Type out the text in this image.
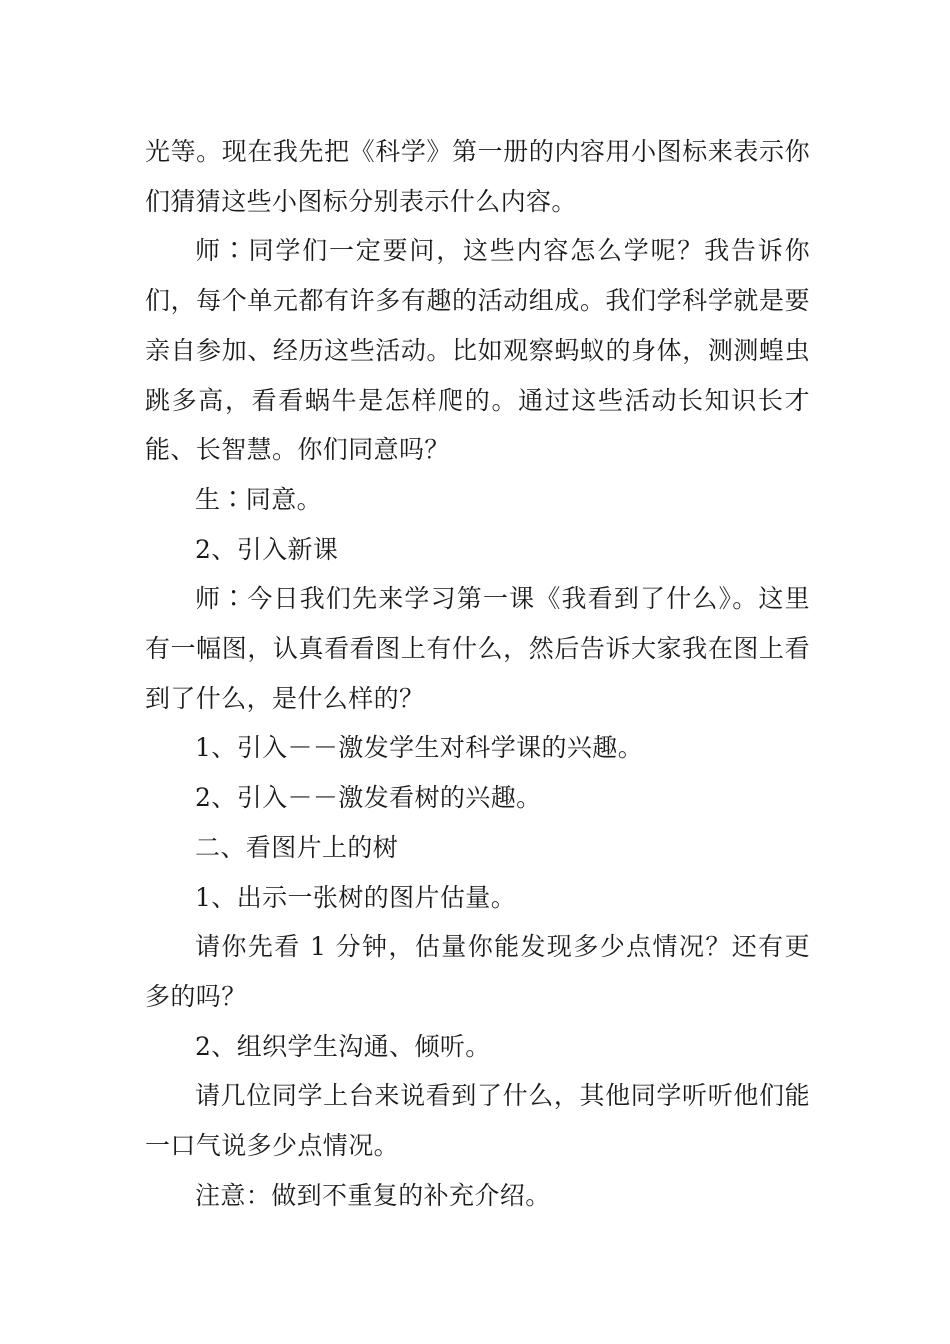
光等。现在我先把《科学》第一册的内容用小图标来表示你们猜猜这些小图标分别表示什么内容。

师∶同学们一定要问，这些内容怎么学呢？我告诉你们，每个单元都有许多有趣的活动组成。我们学科学就是要亲自参加、经历这些活动。比如观察蚂蚁的身体，测测蝗虫跳多高，看看蜗牛是怎样爬的。通过这些活动长知识长才能、长智慧。你们同意吗？

生∶同意。

2、引入新课

师∶今日我们先来学习第一课《我看到了什么》。这里有一幅图，认真看看图上有什么，然后告诉大家我在图上看到了什么，是什么样的？

1、引入－－激发学生对科学课的兴趣。

2、引入－－激发看树的兴趣。

二、看图片上的树

1、出示一张树的图片估量。

请你先看 1 分钟，估量你能发现多少点情况？还有更多的吗？

2、组织学生沟通、倾听。

请几位同学上台来说看到了什么，其他同学听听他们能一口气说多少点情况。

注意：做到不重复的补充介绍。
